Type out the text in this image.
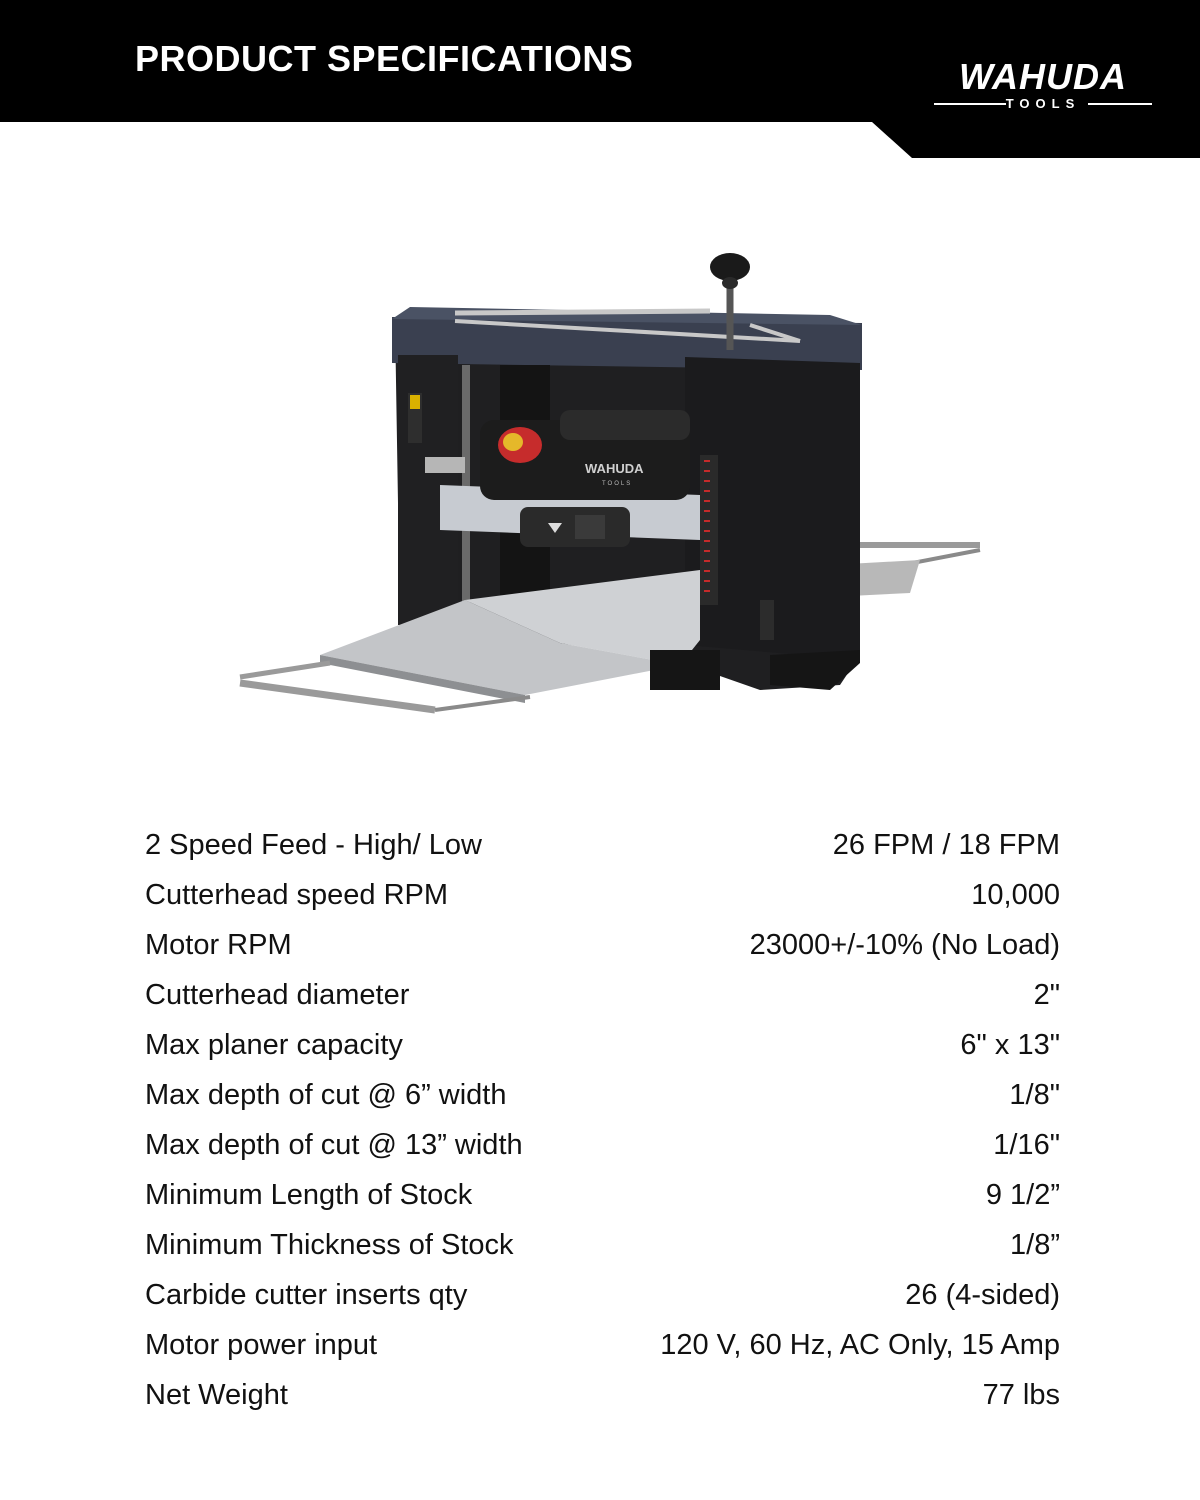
PRODUCT SPECIFICATIONS	WAHUDA
TOOLS
WAHUDA
TOOLS
2 Speed Feed - High/ Low	26 FPM / 18 FPM
Cutterhead speed RPM	10,000
Motor RPM	23000+/-10% (No Load)
Cutterhead diameter	2"
Max planer capacity	6" x 13"
Max depth of cut @ 6” width	1/8"
Max depth of cut @ 13” width	1/16"
Minimum Length of Stock	9 1/2”
Minimum Thickness of Stock	1/8”
Carbide cutter inserts qty	26 (4-sided)
Motor power input	120 V, 60 Hz, AC Only, 15 Amp
Net Weight	77 lbs
